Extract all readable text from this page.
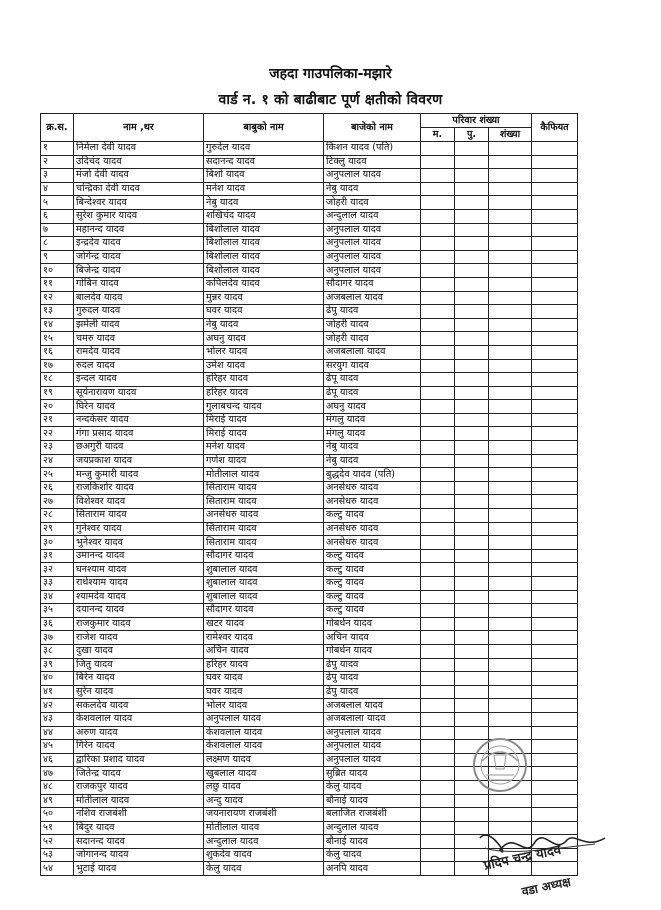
जहदा गाउपलिका-मझारे
वार्ड न. १ को बाढीबाट पूर्ण क्षतीको विवरण
क्र.स.	नाम ,थर	बाबुको नाम	बाजेको नाम	परिवार शंख्या			कैफियत
				म.	पु.	शंख्या	
१	निर्मला देवी यादव	गुरुदेल यादव	किशन यादव (पति)				
२	उदिचंद यादव	सदानन्द यादव	टिक्लु यादव				
३	मंजो देवी यादव	बिशो यादव	अनुपलाल यादव				
४	चन्द्रिका देवी यादव	मनेश यादव	नेबु यादव				
५	बिन्देश्वर यादव	नेबु यादव	जोहरी यादव				
६	सुरेश कुमार यादव	शखिचंद यादव	अन्दुलाल यादव				
७	महानन्द यादव	बिशोलाल यादव	अनुपलाल यादव				
८	इन्द्रदेव यादव	बिशोलाल यादव	अनुपलाल यादव				
९	जोगेन्द्र यादव	बिशोलाल यादव	अनुपलाल यादव				
१०	बिजेन्द्र यादव	बिशोलाल यादव	अनुपलाल यादव				
११	गोबिन यादव	कपिलदेव यादव	सौदागर यादव				
१२	बालदेव यादव	मुन्नर यादव	अजबलाल यादव				
१३	गुरुदल यादव	घवर यादव	ढेपु यादव				
१४	झमेली यादव	नेबु यादव	जोहरी यादव				
१५	चमरु यादव	अघनु यादव	जोहरी यादव				
१६	रामदेव यादव	भोलर यादव	अजबलाला यादव				
१७	रुदल यादव	उमेश यादव	सरयुग यादव				
१८	इन्दल यादव	हरिहर यादव	ढेपू यादव				
१९	सूर्यनारायण यादव	हरिहर यादव	ढेपू यादव				
२०	घिरेन यादव	गुलाबचन्द यादव	अघनु यादव				
२१	नन्दकेसर यादव	मिराई यादव	मंगलु यादव				
२२	गंगा प्रसाद यादव	मिराई यादव	मंगलु यादव				
२३	छअगुरी यादव	मनेश यादव	नेबु यादव				
२४	जयप्रकाश यादव	गणेश यादव	नेबु यादव				
२५	मन्जु कुमारी यादव	मोतीलाल यादव	बुद्धदेव यादव (पति)				
२६	राजकिशोर यादव	सिताराम यादव	अनसेधरु यादव				
२७	विशेश्वर यादव	सिताराम यादव	अनसेधरु यादव				
२८	सिताराम यादव	अनसेधरु यादव	कल्टु यादव				
२९	गुनेश्वर यादव	सिताराम यादव	अनसेधरु यादव				
३०	भुनेश्वर यादव	सिताराम यादव	अनसेधरु यादव				
३१	उमानन्द यादव	सौदागर यादव	कल्टु यादव				
३२	घनश्याम यादव	शुबालाल यादव	कल्टु यादव				
३३	राधेश्याम यादव	शुबालाल यादव	कल्टु यादव				
३४	श्यामदेव यादव	शुबालाल यादव	कल्टु यादव				
३५	दयानन्द यादव	सौदागर यादव	कल्टु यादव				
३६	राजकुमार यादव	खटर यादव	गोबर्धन यादव				
३७	राजेश यादव	रामेश्वर यादव	अचिन यादव				
३८	दुखा यादव	अचिन यादव	गोबर्धन यादव				
३९	जितु यादव	हरिहर यादव	ढेपु यादव				
४०	बिरेन यादव	घवर यादव	ढेपु यादव				
४१	सुरेन यादव	घवर यादव	ढेपु यादव				
४२	सकलदेव यादव	भोलर यादव	अजबलाल यादव				
४३	केशवलाल यादव	अनुपलाल यादव	अजबलाला यादव				
४४	अरुण यादव	केशवलाल यादव	अनुपलाल यादव				
४५	गिरेन यादव	केशवलाल यादव	अनुपलाल यादव				
४६	द्वारिका प्रशाद यादव	लक्ष्मण यादव	अनुपलाल यादव				
४७	जितेन्द्र यादव	खुबलाल यादव	सुब्रित यादव				
४८	राजकपुर यादव	लछु यादव	केलु यादव				
४९	मोतीलाल यादव	अन्दु यादव	बौनाई यादव				
५०	नशिव राजबंशी	जयनारायण राजबंशी	बलाजित राजबंशी				
५१	बिदुर यादव	मोतीलाल यादव	अन्दुलाल यादव				
५२	सदानन्द यादव	अन्दुलाल यादव	बौनाई यादव				
५३	जोगानन्द यादव	शुकदेव यादव	केलु यादव				
५४	भुटाई यादव	केलु यादव	अनपि यादव					प्रदिप चन्द्र यादव
वडा अध्यक्ष
